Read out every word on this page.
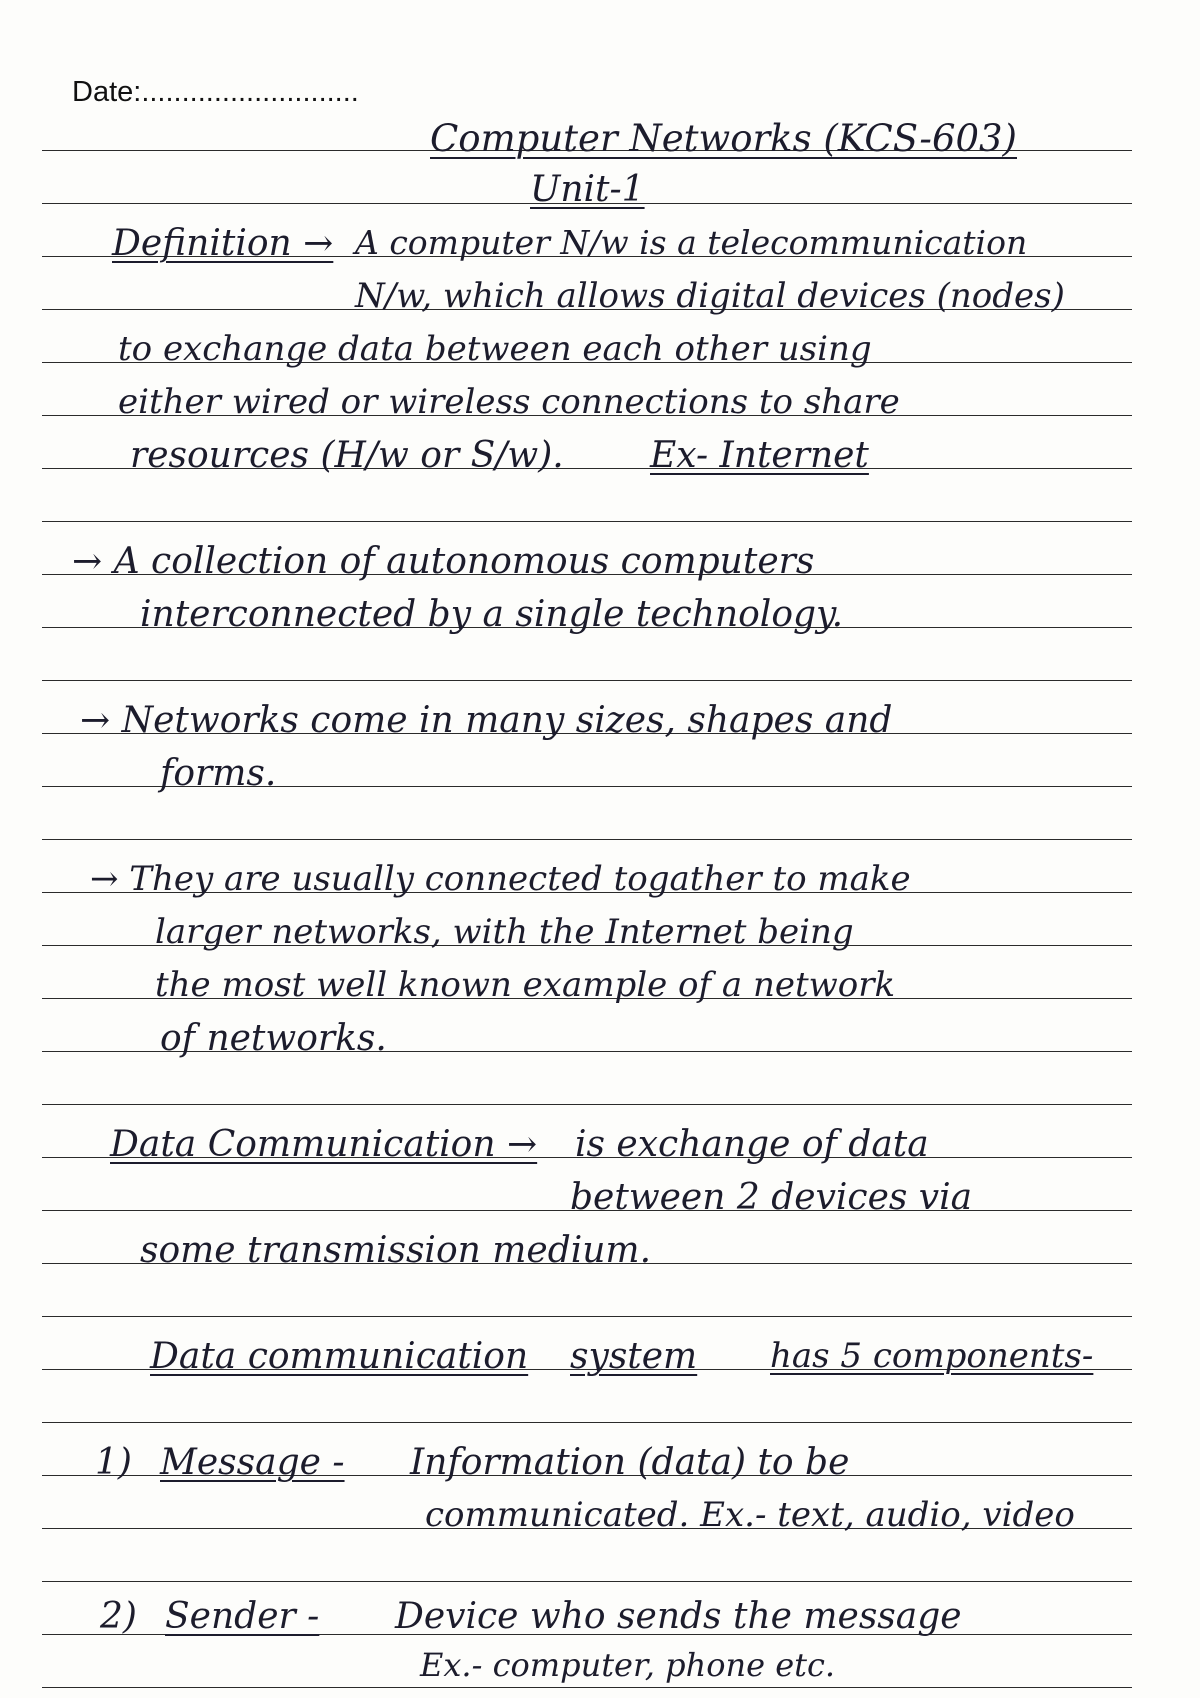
Date:...........................
Computer Networks (KCS-603)
Unit-1
Definition → A computer N/w is a telecommunication
N/w, which allows digital devices (nodes)
to exchange data between each other using
either wired or wireless connections to share
resources (H/w or S/w). Ex- Internet
→ A collection of autonomous computers
interconnected by a single technology.
→ Networks come in many sizes, shapes and
forms.
→ They are usually connected togather to make
larger networks, with the Internet being
the most well known example of a network
of networks.
Data Communication → is exchange of data
between 2 devices via
some transmission medium.
Data communication system has 5 components-
1) Message - Information (data) to be
communicated. Ex.- text, audio, video
2) Sender - Device who sends the message
Ex.- computer, phone etc.
